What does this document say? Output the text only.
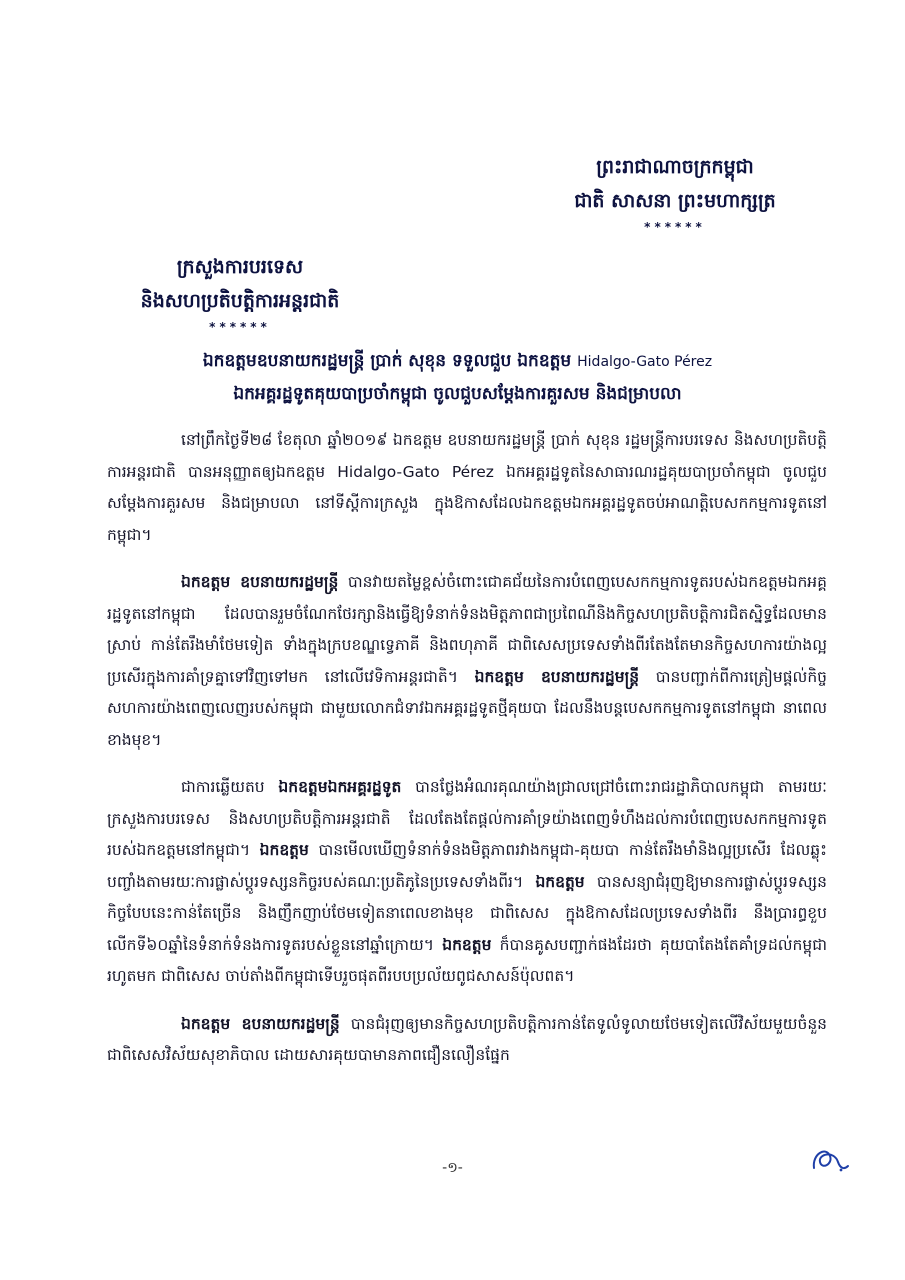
ព្រះរាជាណាចក្រកម្ពុជា
ជាតិ សាសនា ព្រះមហាក្សត្រ
******
ក្រសួងការបរទេស
និងសហប្រតិបត្តិការអន្តរជាតិ
******
ឯកឧត្តមឧបនាយករដ្ឋមន្ត្រី ប្រាក់ សុខុន ទទួលជួប ឯកឧត្តម Hidalgo-Gato Pérez
ឯកអគ្គរដ្ឋទូតគុយបាប្រចាំកម្ពុជា ចូលជួបសម្តែងការគួរសម និងជម្រាបលា

នៅព្រឹកថ្ងៃទី២៨ ខែតុលា ឆ្នាំ២០១៩ ឯកឧត្តម ឧបនាយករដ្ឋមន្ត្រី ប្រាក់ សុខុន រដ្ឋមន្ត្រីការបរទេស និងសហប្រតិបត្តិការអន្តរជាតិ បានអនុញ្ញាតឲ្យឯកឧត្តម Hidalgo-Gato Pérez ឯកអគ្គរដ្ឋទូតនៃសាធារណរដ្ឋគុយបាប្រចាំកម្ពុជា ចូលជួបសម្តែងការគួរសម និងជម្រាបលា នៅទីស្តីការក្រសួង ក្នុងឱកាសដែលឯកឧត្តមឯកអគ្គរដ្ឋទូតចប់អាណត្តិបេសកកម្មការទូតនៅកម្ពុជា។

ឯកឧត្តម ឧបនាយករដ្ឋមន្ត្រី បានវាយតម្លៃខ្ពស់ចំពោះជោគជ័យនៃការបំពេញបេសកកម្មការទូតរបស់ឯកឧត្តមឯកអគ្គរដ្ឋទូតនៅកម្ពុជា ដែលបានរួមចំណែកថែរក្សានិងធ្វើឱ្យទំនាក់ទំនងមិត្តភាពជាប្រពៃណីនិងកិច្ចសហប្រតិបត្តិការជិតស្និទ្ធដែលមានស្រាប់ កាន់តែរឹងមាំថែមទៀត ទាំងក្នុងក្របខណ្ឌទ្វេភាគី និងពហុភាគី ជាពិសេសប្រទេសទាំងពីរតែងតែមានកិច្ចសហការយ៉ាងល្អប្រសើរក្នុងការគាំទ្រគ្នាទៅវិញទៅមក នៅលើវេទិកាអន្តរជាតិ។ ឯកឧត្តម ឧបនាយករដ្ឋមន្ត្រី បានបញ្ជាក់ពីការត្រៀមផ្តល់កិច្ចសហការយ៉ាងពេញលេញរបស់កម្ពុជា ជាមួយលោកជំទាវឯកអគ្គរដ្ឋទូតថ្មីគុយបា ដែលនឹងបន្តបេសកកម្មការទូតនៅកម្ពុជា នាពេលខាងមុខ។

ជាការឆ្លើយតប ឯកឧត្តមឯកអគ្គរដ្ឋទូត បានថ្លែងអំណរគុណយ៉ាងជ្រាលជ្រៅចំពោះរាជរដ្ឋាភិបាលកម្ពុជា តាមរយៈក្រសួងការបរទេស និងសហប្រតិបត្តិការអន្តរជាតិ ដែលតែងតែផ្តល់ការគាំទ្រយ៉ាងពេញទំហឹងដល់ការបំពេញបេសកកម្មការទូតរបស់ឯកឧត្តមនៅកម្ពុជា។ ឯកឧត្តម បានមើលឃើញទំនាក់ទំនងមិត្តភាពរវាងកម្ពុជា-គុយបា កាន់តែរឹងមាំនិងល្អប្រសើរ ដែលឆ្លុះបញ្ចាំងតាមរយៈការផ្លាស់ប្តូរទស្សនកិច្ចរបស់គណៈប្រតិភូនៃប្រទេសទាំងពីរ។ ឯកឧត្តម បានសន្យាជំរុញឱ្យមានការផ្លាស់ប្តូរទស្សនកិច្ចបែបនេះកាន់តែច្រើន និងញឹកញាប់ថែមទៀតនាពេលខាងមុខ ជាពិសេស ក្នុងឱកាសដែលប្រទេសទាំងពីរ នឹងប្រារព្ធខួបលើកទី៦០ឆ្នាំនៃទំនាក់ទំនងការទូតរបស់ខ្លួននៅឆ្នាំក្រោយ។ ឯកឧត្តម ក៏បានគូសបញ្ជាក់ផងដែរថា គុយបាតែងតែគាំទ្រដល់កម្ពុជារហូតមក ជាពិសេស ចាប់តាំងពីកម្ពុជាទើបរួចផុតពីរបបប្រល័យពូជសាសន៍ប៉ុលពត។

ឯកឧត្តម ឧបនាយករដ្ឋមន្ត្រី បានជំរុញឲ្យមានកិច្ចសហប្រតិបត្តិការកាន់តែទូលំទូលាយថែមទៀតលើវិស័យមួយចំនួន ជាពិសេសវិស័យសុខាភិបាល ដោយសារគុយបាមានភាពជឿនលឿនផ្នែក

-១-
